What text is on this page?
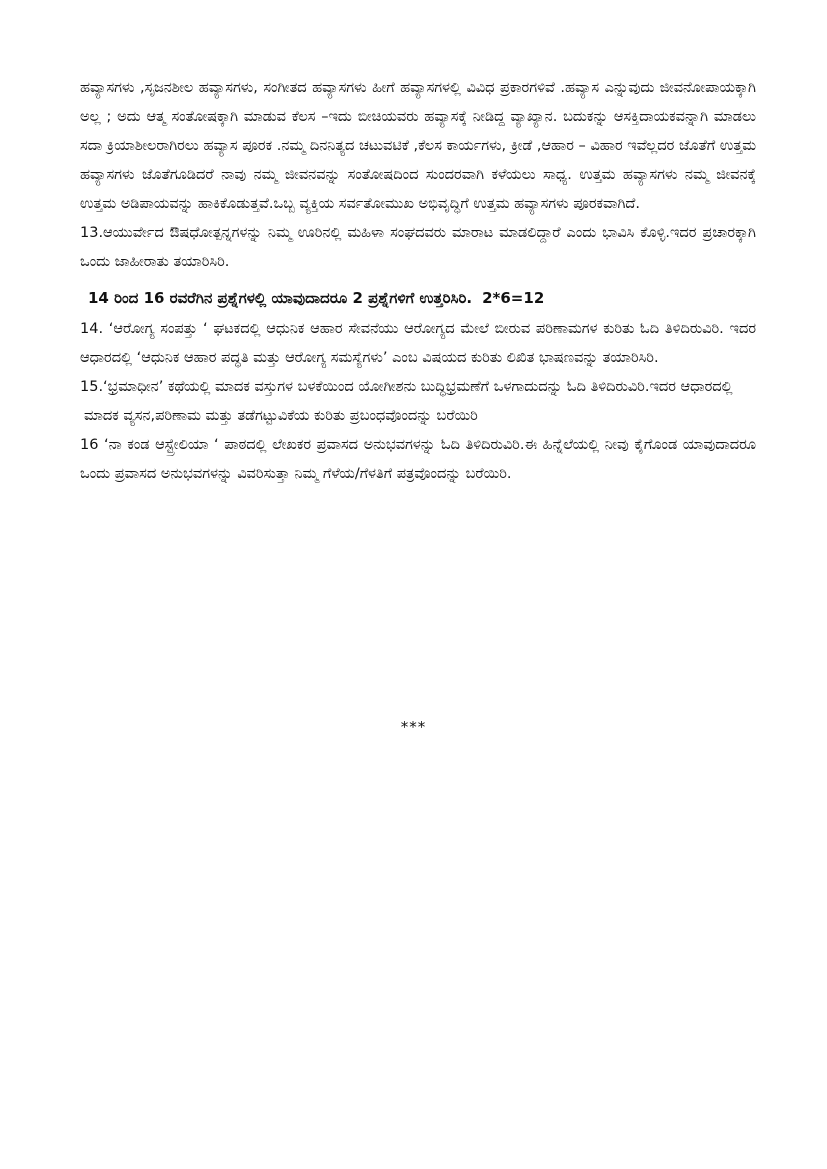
ಹವ್ಯಾಸಗಳು ,ಸೃಜನಶೀಲ ಹವ್ಯಾಸಗಳು, ಸಂಗೀತದ ಹವ್ಯಾಸಗಳು ಹೀಗೆ ಹವ್ಯಾಸಗಳಲ್ಲಿ ವಿವಿಧ ಪ್ರಕಾರಗಳಿವೆ .ಹವ್ಯಾಸ ಎನ್ನುವುದು ಜೀವನೋಪಾಯಕ್ಕಾಗಿ ಅಲ್ಲ ; ಅದು ಆತ್ಮ ಸಂತೋಷಕ್ಕಾಗಿ ಮಾಡುವ ಕೆಲಸ –ಇದು ಬೀಚಿಯವರು ಹವ್ಯಾಸಕ್ಕೆ ನೀಡಿದ್ದ ವ್ಯಾಖ್ಯಾನ. ಬದುಕನ್ನು ಆಸಕ್ತಿದಾಯಕವನ್ನಾಗಿ ಮಾಡಲು ಸದಾ ಕ್ರಿಯಾಶೀಲರಾಗಿರಲು ಹವ್ಯಾಸ ಪೂರಕ .ನಮ್ಮ ದಿನನಿತ್ಯದ ಚಟುವಟಿಕೆ ,ಕೆಲಸ ಕಾರ್ಯಗಳು, ಕ್ರೀಡೆ ,ಆಹಾರ – ವಿಹಾರ ಇವೆಲ್ಲದರ ಜೊತೆಗೆ ಉತ್ತಮ ಹವ್ಯಾಸಗಳು ಜೊತೆಗೂಡಿದರೆ ನಾವು ನಮ್ಮ ಜೀವನವನ್ನು ಸಂತೋಷದಿಂದ ಸುಂದರವಾಗಿ ಕಳೆಯಲು ಸಾಧ್ಯ. ಉತ್ತಮ ಹವ್ಯಾಸಗಳು ನಮ್ಮ ಜೀವನಕ್ಕೆ ಉತ್ತಮ ಅಡಿಪಾಯವನ್ನು ಹಾಕಿಕೊಡುತ್ತವೆ.ಒಬ್ಬ ವ್ಯಕ್ತಿಯ ಸರ್ವತೋಮುಖ ಅಭಿವೃದ್ಧಿಗೆ ಉತ್ತಮ ಹವ್ಯಾಸಗಳು ಪೂರಕವಾಗಿದೆ.

13.ಆಯುರ್ವೇದ ಔಷಧೋತ್ಪನ್ನಗಳನ್ನು ನಿಮ್ಮ ಊರಿನಲ್ಲಿ ಮಹಿಳಾ ಸಂಘದವರು ಮಾರಾಟ ಮಾಡಲಿದ್ದಾರೆ ಎಂದು ಭಾವಿಸಿ ಕೊಳ್ಳಿ.ಇದರ ಪ್ರಚಾರಕ್ಕಾಗಿ ಒಂದು ಜಾಹೀರಾತು ತಯಾರಿಸಿರಿ.

14 ರಿಂದ 16 ರವರೆಗಿನ ಪ್ರಶ್ನೆಗಳಲ್ಲಿ ಯಾವುದಾದರೂ 2 ಪ್ರಶ್ನೆಗಳಿಗೆ ಉತ್ತರಿಸಿರಿ. 2*6=12

14. ‘ಆರೋಗ್ಯ ಸಂಪತ್ತು ‘ ಘಟಕದಲ್ಲಿ ಆಧುನಿಕ ಆಹಾರ ಸೇವನೆಯು ಆರೋಗ್ಯದ ಮೇಲೆ ಬೀರುವ ಪರಿಣಾಮಗಳ ಕುರಿತು ಓದಿ ತಿಳಿದಿರುವಿರಿ. ಇದರ ಆಧಾರದಲ್ಲಿ ‘ಆಧುನಿಕ ಆಹಾರ ಪದ್ಧತಿ ಮತ್ತು ಆರೋಗ್ಯ ಸಮಸ್ಯೆಗಳು’ ಎಂಬ ವಿಷಯದ ಕುರಿತು ಲಿಖಿತ ಭಾಷಣವನ್ನು ತಯಾರಿಸಿರಿ.

15.‘ಭ್ರಮಾಧೀನ’ ಕಥೆಯಲ್ಲಿ ಮಾದಕ ವಸ್ತುಗಳ ಬಳಕೆಯಿಂದ ಯೋಗೀಶನು ಬುದ್ಧಿಭ್ರಮಣೆಗೆ ಒಳಗಾದುದನ್ನು ಓದಿ ತಿಳಿದಿರುವಿರಿ.ಇದರ ಆಧಾರದಲ್ಲಿ

ಮಾದಕ ವ್ಯಸನ,ಪರಿಣಾಮ ಮತ್ತು ತಡೆಗಟ್ಟುವಿಕೆಯ ಕುರಿತು ಪ್ರಬಂಧವೊಂದನ್ನು ಬರೆಯಿರಿ

16 ‘ನಾ ಕಂಡ ಆಸ್ಟ್ರೇಲಿಯಾ ‘ ಪಾಠದಲ್ಲಿ ಲೇಖಕರ ಪ್ರವಾಸದ ಅನುಭವಗಳನ್ನು ಓದಿ ತಿಳಿದಿರುವಿರಿ.ಈ ಹಿನ್ನೆಲೆಯಲ್ಲಿ ನೀವು ಕೈಗೊಂಡ ಯಾವುದಾದರೂ ಒಂದು ಪ್ರವಾಸದ ಅನುಭವಗಳನ್ನು ವಿವರಿಸುತ್ತಾ ನಿಮ್ಮ ಗೆಳೆಯ/ಗೆಳತಿಗೆ ಪತ್ರವೊಂದನ್ನು ಬರೆಯಿರಿ.

***
